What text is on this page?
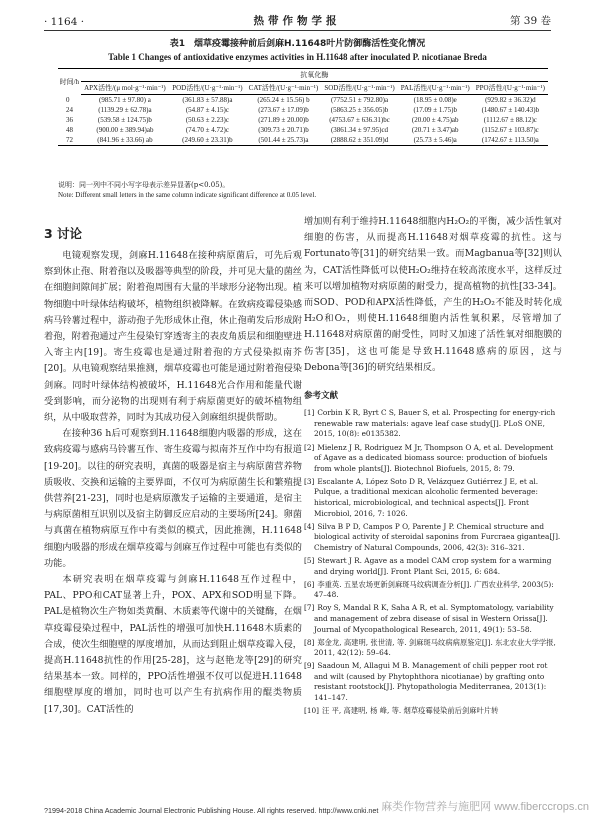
· 1164 ·	热带作物学报	第 39 卷
表1　烟草疫霉接种前后剑麻H.11648叶片防御酶活性变化情况
Table 1 Changes of antioxidative enzymes activities in H.11648 after inoculated P. nicotianae Breda
时间/h	抗氧化酶					
	APX活性/(μ mol·g⁻¹·min⁻¹)	POD活性/(U·g⁻¹·min⁻¹)	CAT活性/(U·g⁻¹·min⁻¹)	SOD活性/(U·g⁻¹·min⁻¹)	PAL活性/(U·g⁻¹·min⁻¹)	PPO活性/(U·g⁻¹·min⁻¹)
0	(985.71 ± 97.80) a	(361.83 ± 57.88)a	(265.24 ± 15.56) b	(7752.51 ± 792.80)a	(18.95 ± 0.08)e	(929.82 ± 36.32)d
24	(1139.29 ± 62.78)a	(54.87 ± 4.15)c	(273.67 ± 17.09)b	(5863.25 ± 356.05)b	(17.09 ± 1.75)b	(1480.67 ± 140.43)b
36	(539.58 ± 124.75)b	(50.63 ± 2.23)c	(271.89 ± 20.00)b	(4753.67 ± 636.31)bc	(20.00 ± 4.75)ab	(1112.67 ± 88.12)c
48	(900.00 ± 389.94)ab	(74.70 ± 4.72)c	(309.73 ± 20.71)b	(3861.34 ± 97.95)cd	(20.71 ± 3.47)ab	(1152.67 ± 103.87)c
72	(841.96 ± 33.66) ab	(249.60 ± 23.31)b	(501.44 ± 25.73)a	(2888.62 ± 351.09)d	(25.73 ± 5.46)a	(1742.67 ± 113.50)a
说明：同一列中不同小写字母表示差异显著(p<0.05)。
Note: Different small letters in the same column indicate significant difference at 0.05 level.
3 讨论

电镜观察发现，剑麻H.11648在接种病原菌后，可先后观察到休止孢、附着孢以及吸器等典型的阶段，并可见大量的菌丝在细胞间隙间扩展；附着孢周围有大量的半球形分泌物出现。植物细胞中叶绿体结构破坏，植物组织被降解。在致病疫霉侵染感病马铃薯过程中，游动孢子先形成休止孢，休止孢萌发后形成附着孢，附着孢通过产生侵染钉穿透寄主的表皮角质层和细胞壁进入寄主内[19]。寄生疫霉也是通过附着孢的方式侵染拟南芥[20]。从电镜观察结果推测，烟草疫霉也可能是通过附着孢侵染剑麻。同时叶绿体结构被破坏，H.11648光合作用和能量代谢受到影响，而分泌物的出现则有利于病原菌更好的破坏植物组织，从中吸取营养，同时为其成功侵入剑麻组织提供帮助。

在接种36 h后可观察到H.11648细胞内吸器的形成，这在致病疫霉与感病马铃薯互作、寄生疫霉与拟南芥互作中均有报道[19-20]。以往的研究表明，真菌的吸器是宿主与病原菌营养物质吸收、交换和运输的主要界面，不仅可为病原菌生长和繁殖提供营养[21-23]，同时也是病原激发子运输的主要通道，是宿主与病原菌相互识别以及宿主防御反应启动的主要场所[24]。卵菌与真菌在植物病原互作中有类似的模式，因此推测，H.11648细胞内吸器的形成在烟草疫霉与剑麻互作过程中可能也有类似的功能。

本研究表明在烟草疫霉与剑麻H.11648互作过程中，PAL、PPO和CAT显著上升，POX、APX和SOD明显下降。PAL是植物次生产物如类黄酮、木质素等代谢中的关键酶，在烟草疫霉侵染过程中，PAL活性的增强可加快H.11648木质素的合成，使次生细胞壁的厚度增加，从而达到阻止烟草疫霉入侵，提高H.11648抗性的作用[25-28]，这与赵艳龙等[29]的研究结果基本一致。同样的，PPO活性增强不仅可以促进H.11648细胞壁厚度的增加，同时也可以产生有抗病作用的醌类物质[17,30]。CAT活性的

增加则有利于维持H.11648细胞内H₂O₂的平衡，减少活性氧对细胞的伤害，从而提高H.11648对烟草疫霉的抗性。这与Fortunato等[31]的研究结果一致。而Magbanua等[32]则认为，CAT活性降低可以使H₂O₂维持在较高浓度水平，这样反过来可以增加植物对病原菌的耐受力，提高植物的抗性[33-34]。而SOD、POD和APX活性降低，产生的H₂O₂不能及时转化成H₂O和O₂，则使H.11648细胞内活性氧积累，尽管增加了H.11648对病原菌的耐受性，同时又加速了活性氧对细胞膜的伤害[35]，这也可能是导致H.11648感病的原因，这与Debona等[36]的研究结果相反。

参考文献
[1] Corbin K R, Byrt C S, Bauer S, et al. Prospecting for energy-rich renewable raw materials: agave leaf case study[J]. PLoS ONE, 2015, 10(8): e0135382.
[2] Mielenz J R, Rodriguez M Jr, Thompson O A, et al. Development of Agave as a dedicated biomass source: production of biofuels from whole plants[J]. Biotechnol Biofuels, 2015, 8: 79.
[3] Escalante A, López Soto D R, Velázquez Gutiérrez J E, et al. Pulque, a traditional mexican alcoholic fermented beverage: historical, microbiological, and technical aspects[J]. Front Microbiol, 2016, 7: 1026.
[4] Silva B P D, Campos P O, Parente J P. Chemical structure and biological activity of steroidal saponins from Furcraea gigantea[J]. Chemistry of Natural Compounds, 2006, 42(3): 316–321.
[5] Stewart J R. Agave as a model CAM crop system for a warming and drying world[J]. Front Plant Sci, 2015, 6: 684.
[6] 李重英. 五星农场更新剑麻斑马纹病调查分析[J]. 广西农业科学, 2003(5): 47–48.
[7] Roy S, Mandal R K, Saha A R, et al. Symptomatology, variability and management of zebra disease of sisal in Western Orissa[J]. Journal of Mycopathological Research, 2011, 49(1): 53–58.
[8] 郑金龙, 高建明, 张世清, 等. 剑麻斑马纹病病原鉴定[J]. 东北农业大学学报, 2011, 42(12): 59–64.
[9] Saadoun M, Allagui M B. Management of chili pepper root rot and wilt (caused by Phytophthora nicotianae) by grafting onto resistant rootstock[J]. Phytopathologia Mediterranea, 2013(1): 141–147.
[10] 汪 平, 高建明, 杨 峰, 等. 烟草疫霉侵染前后剑麻叶片转
?1994-2018 China Academic Journal Electronic Publishing House. All rights reserved. http://www.cnki.net 麻类作物营养与施肥网 www.fiberccrops.cn
